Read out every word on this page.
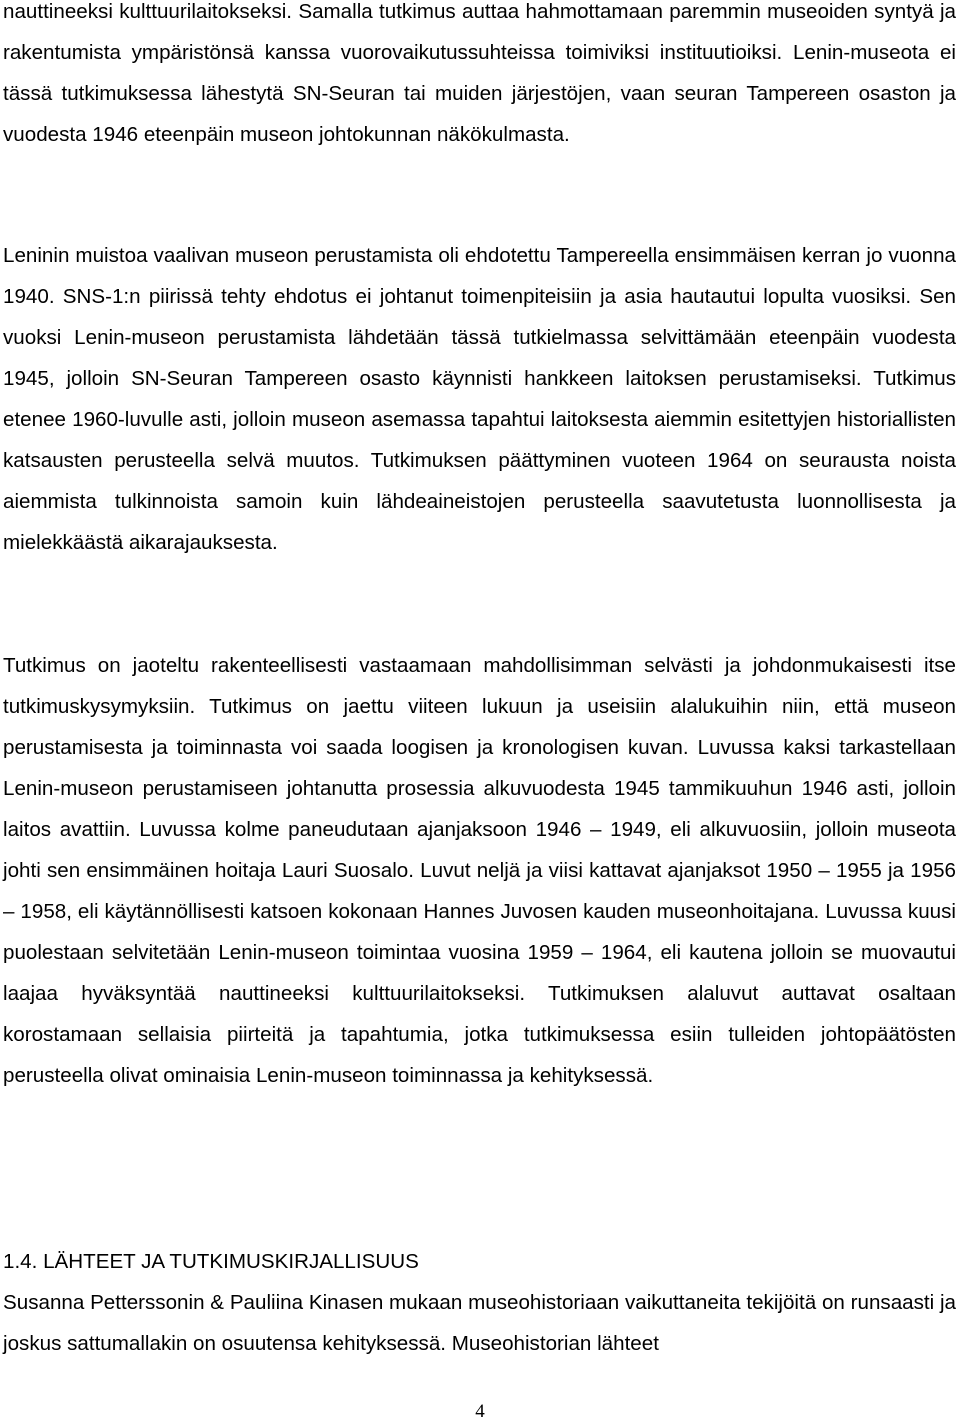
nauttineeksi kulttuurilaitokseksi. Samalla tutkimus auttaa hahmottamaan paremmin museoiden syntyä ja rakentumista ympäristönsä kanssa vuorovaikutussuhteissa toimiviksi instituutioiksi. Lenin-museota ei tässä tutkimuksessa lähestytä SN-Seuran tai muiden järjestöjen, vaan seuran Tampereen osaston ja vuodesta 1946 eteenpäin museon johtokunnan näkökulmasta.

Leninin muistoa vaalivan museon perustamista oli ehdotettu Tampereella ensimmäisen kerran jo vuonna 1940. SNS-1:n piirissä tehty ehdotus ei johtanut toimenpiteisiin ja asia hautautui lopulta vuosiksi. Sen vuoksi Lenin-museon perustamista lähdetään tässä tutkielmassa selvittämään eteenpäin vuodesta 1945, jolloin SN-Seuran Tampereen osasto käynnisti hankkeen laitoksen perustamiseksi. Tutkimus etenee 1960-luvulle asti, jolloin museon asemassa tapahtui laitoksesta aiemmin esitettyjen historiallisten katsausten perusteella selvä muutos. Tutkimuksen päättyminen vuoteen 1964 on seurausta noista aiemmista tulkinnoista samoin kuin lähdeaineistojen perusteella saavutetusta luonnollisesta ja mielekkäästä aikarajauksesta.

Tutkimus on jaoteltu rakenteellisesti vastaamaan mahdollisimman selvästi ja johdonmukaisesti itse tutkimuskysymyksiin. Tutkimus on jaettu viiteen lukuun ja useisiin alalukuihin niin, että museon perustamisesta ja toiminnasta voi saada loogisen ja kronologisen kuvan. Luvussa kaksi tarkastellaan Lenin-museon perustamiseen johtanutta prosessia alkuvuodesta 1945 tammikuuhun 1946 asti, jolloin laitos avattiin. Luvussa kolme paneudutaan ajanjaksoon 1946 – 1949, eli alkuvuosiin, jolloin museota johti sen ensimmäinen hoitaja Lauri Suosalo. Luvut neljä ja viisi kattavat ajanjaksot 1950 – 1955 ja 1956 – 1958, eli käytännöllisesti katsoen kokonaan Hannes Juvosen kauden museonhoitajana. Luvussa kuusi puolestaan selvitetään Lenin-museon toimintaa vuosina 1959 – 1964, eli kautena jolloin se muovautui laajaa hyväksyntää nauttineeksi kulttuurilaitokseksi. Tutkimuksen alaluvut auttavat osaltaan korostamaan sellaisia piirteitä ja tapahtumia, jotka tutkimuksessa esiin tulleiden johtopäätösten perusteella olivat ominaisia Lenin-museon toiminnassa ja kehityksessä.

1.4. LÄHTEET JA TUTKIMUSKIRJALLISUUS

Susanna Petterssonin & Pauliina Kinasen mukaan museohistoriaan vaikuttaneita tekijöitä on runsaasti ja joskus sattumallakin on osuutensa kehityksessä. Museohistorian lähteet

4
